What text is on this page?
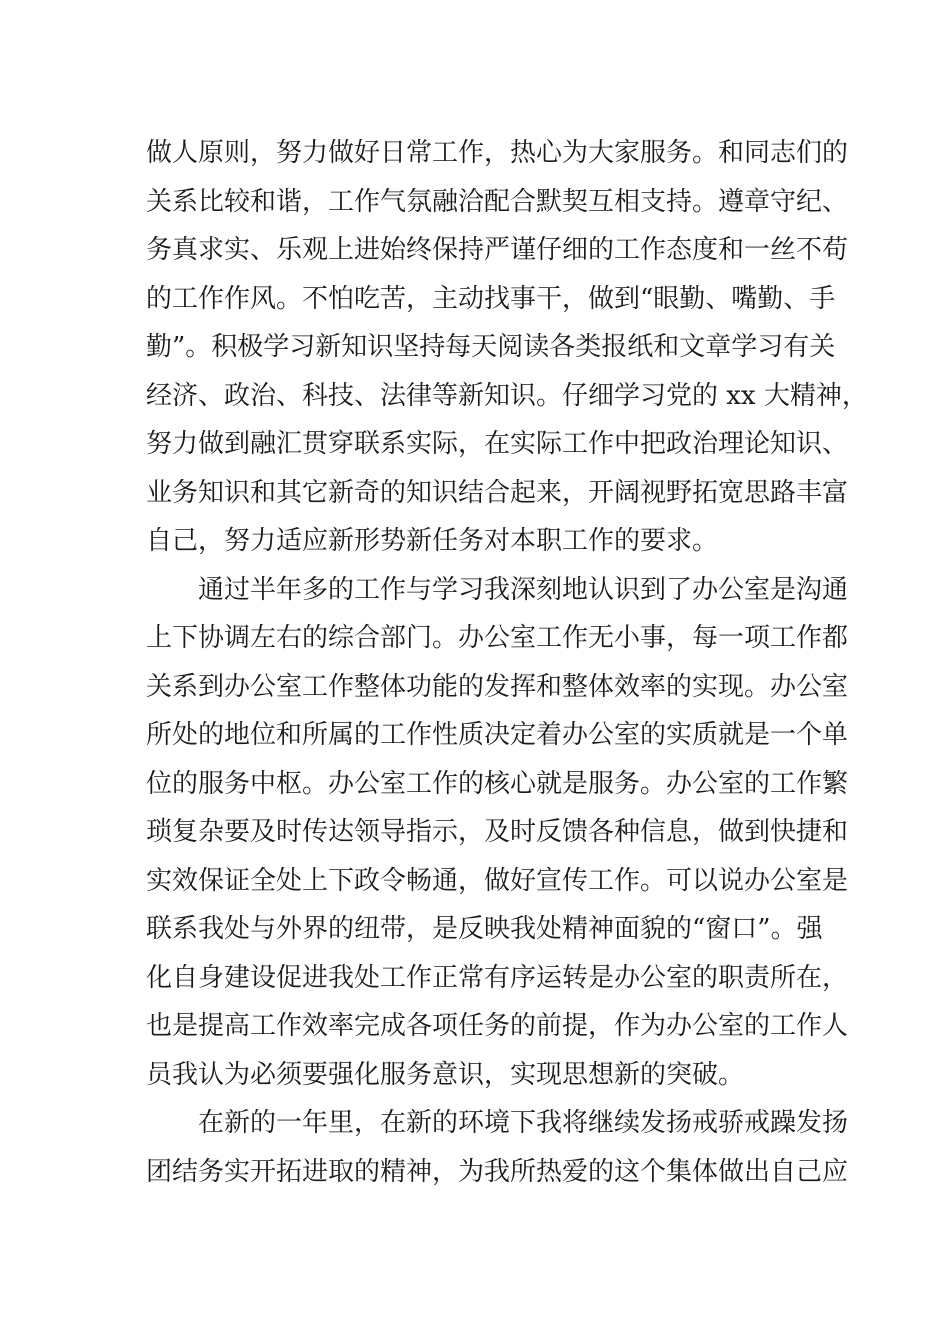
做人原则，努力做好日常工作，热心为大家服务。和同志们的
关系比较和谐，工作气氛融洽配合默契互相支持。遵章守纪、
务真求实、乐观上进始终保持严谨仔细的工作态度和一丝不苟
的工作作风。不怕吃苦，主动找事干，做到“眼勤、嘴勤、手
勤”。积极学习新知识坚持每天阅读各类报纸和文章学习有关
经济、政治、科技、法律等新知识。仔细学习党的 xx 大精神，
努力做到融汇贯穿联系实际，在实际工作中把政治理论知识、
业务知识和其它新奇的知识结合起来，开阔视野拓宽思路丰富
自己，努力适应新形势新任务对本职工作的要求。
通过半年多的工作与学习我深刻地认识到了办公室是沟通
上下协调左右的综合部门。办公室工作无小事，每一项工作都
关系到办公室工作整体功能的发挥和整体效率的实现。办公室
所处的地位和所属的工作性质决定着办公室的实质就是一个单
位的服务中枢。办公室工作的核心就是服务。办公室的工作繁
琐复杂要及时传达领导指示，及时反馈各种信息，做到快捷和
实效保证全处上下政令畅通，做好宣传工作。可以说办公室是
联系我处与外界的纽带，是反映我处精神面貌的“窗口”。强
化自身建设促进我处工作正常有序运转是办公室的职责所在，
也是提高工作效率完成各项任务的前提，作为办公室的工作人
员我认为必须要强化服务意识，实现思想新的突破。
在新的一年里，在新的环境下我将继续发扬戒骄戒躁发扬
团结务实开拓进取的精神，为我所热爱的这个集体做出自己应
